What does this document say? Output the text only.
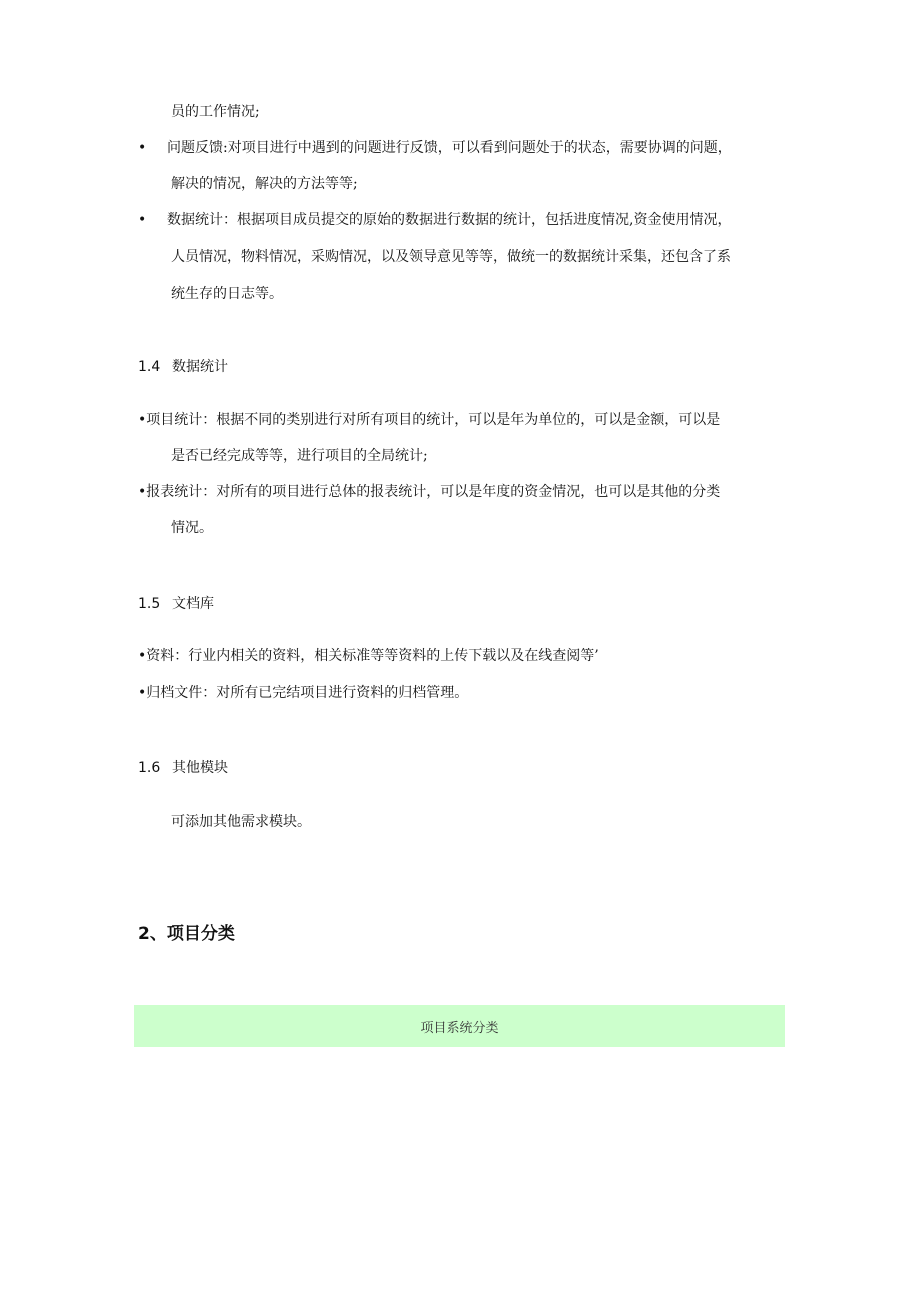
员的工作情况;
• 问题反馈:对项目进行中遇到的问题进行反馈，可以看到问题处于的状态，需要协调的问题，
解决的情况，解决的方法等等;
• 数据统计：根据项目成员提交的原始的数据进行数据的统计，包括进度情况,资金使用情况，
人员情况，物料情况，采购情况，以及领导意见等等，做统一的数据统计采集，还包含了系
统生存的日志等。
1.4 数据统计
•项目统计：根据不同的类别进行对所有项目的统计，可以是年为单位的，可以是金额，可以是
是否已经完成等等，进行项目的全局统计;
•报表统计：对所有的项目进行总体的报表统计，可以是年度的资金情况，也可以是其他的分类
情况。
1.5 文档库
•资料：行业内相关的资料，相关标准等等资料的上传下载以及在线查阅等’
•归档文件：对所有已完结项目进行资料的归档管理。
1.6 其他模块
可添加其他需求模块。
2、项目分类
项目系统分类
